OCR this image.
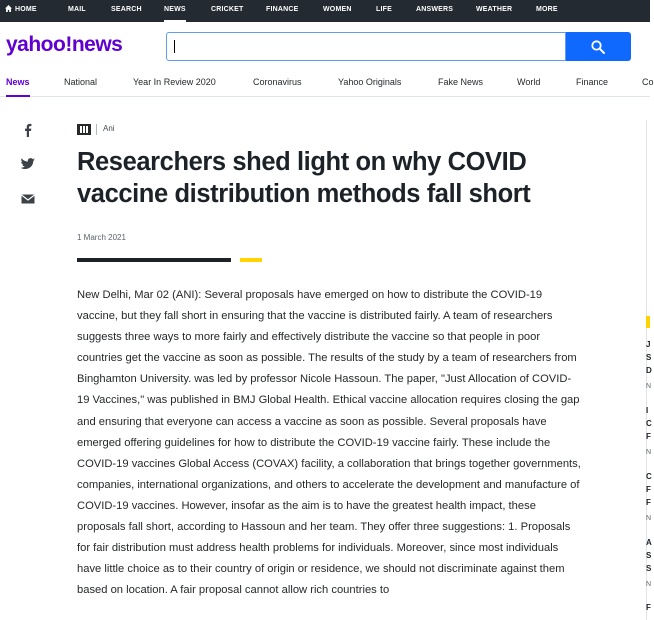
HOME	MAIL	SEARCH	NEWS	CRICKET	FINANCE	WOMEN	LIFE	ANSWERS	WEATHER	MORE
yahoo!news
News	National	Year In Review 2020	Coronavirus	Yahoo Originals	Fake News	World	Finance	Co
Ani
Researchers shed light on why COVID vaccine distribution methods fall short
1 March 2021

New Delhi, Mar 02 (ANI): Several proposals have emerged on how to distribute the COVID-19 vaccine, but they fall short in ensuring that the vaccine is distributed fairly. A team of researchers suggests three ways to more fairly and effectively distribute the vaccine so that people in poor countries get the vaccine as soon as possible. The results of the study by a team of researchers from Binghamton University. was led by professor Nicole Hassoun. The paper, "Just Allocation of COVID-19 Vaccines," was published in BMJ Global Health. Ethical vaccine allocation requires closing the gap and ensuring that everyone can access a vaccine as soon as possible. Several proposals have emerged offering guidelines for how to distribute the COVID-19 vaccine fairly. These include the COVID-19 vaccines Global Access (COVAX) facility, a collaboration that brings together governments, companies, international organizations, and others to accelerate the development and manufacture of COVID-19 vaccines. However, insofar as the aim is to have the greatest health impact, these proposals fall short, according to Hassoun and her team. They offer three suggestions: 1. Proposals for fair distribution must address health problems for individuals. Moreover, since most individuals have little choice as to their country of origin or residence, we should not discriminate against them based on location. A fair proposal cannot allow rich countries to

J
S
D
N
I
C
F
N
C
F
F
N
A
S
S
N
F
